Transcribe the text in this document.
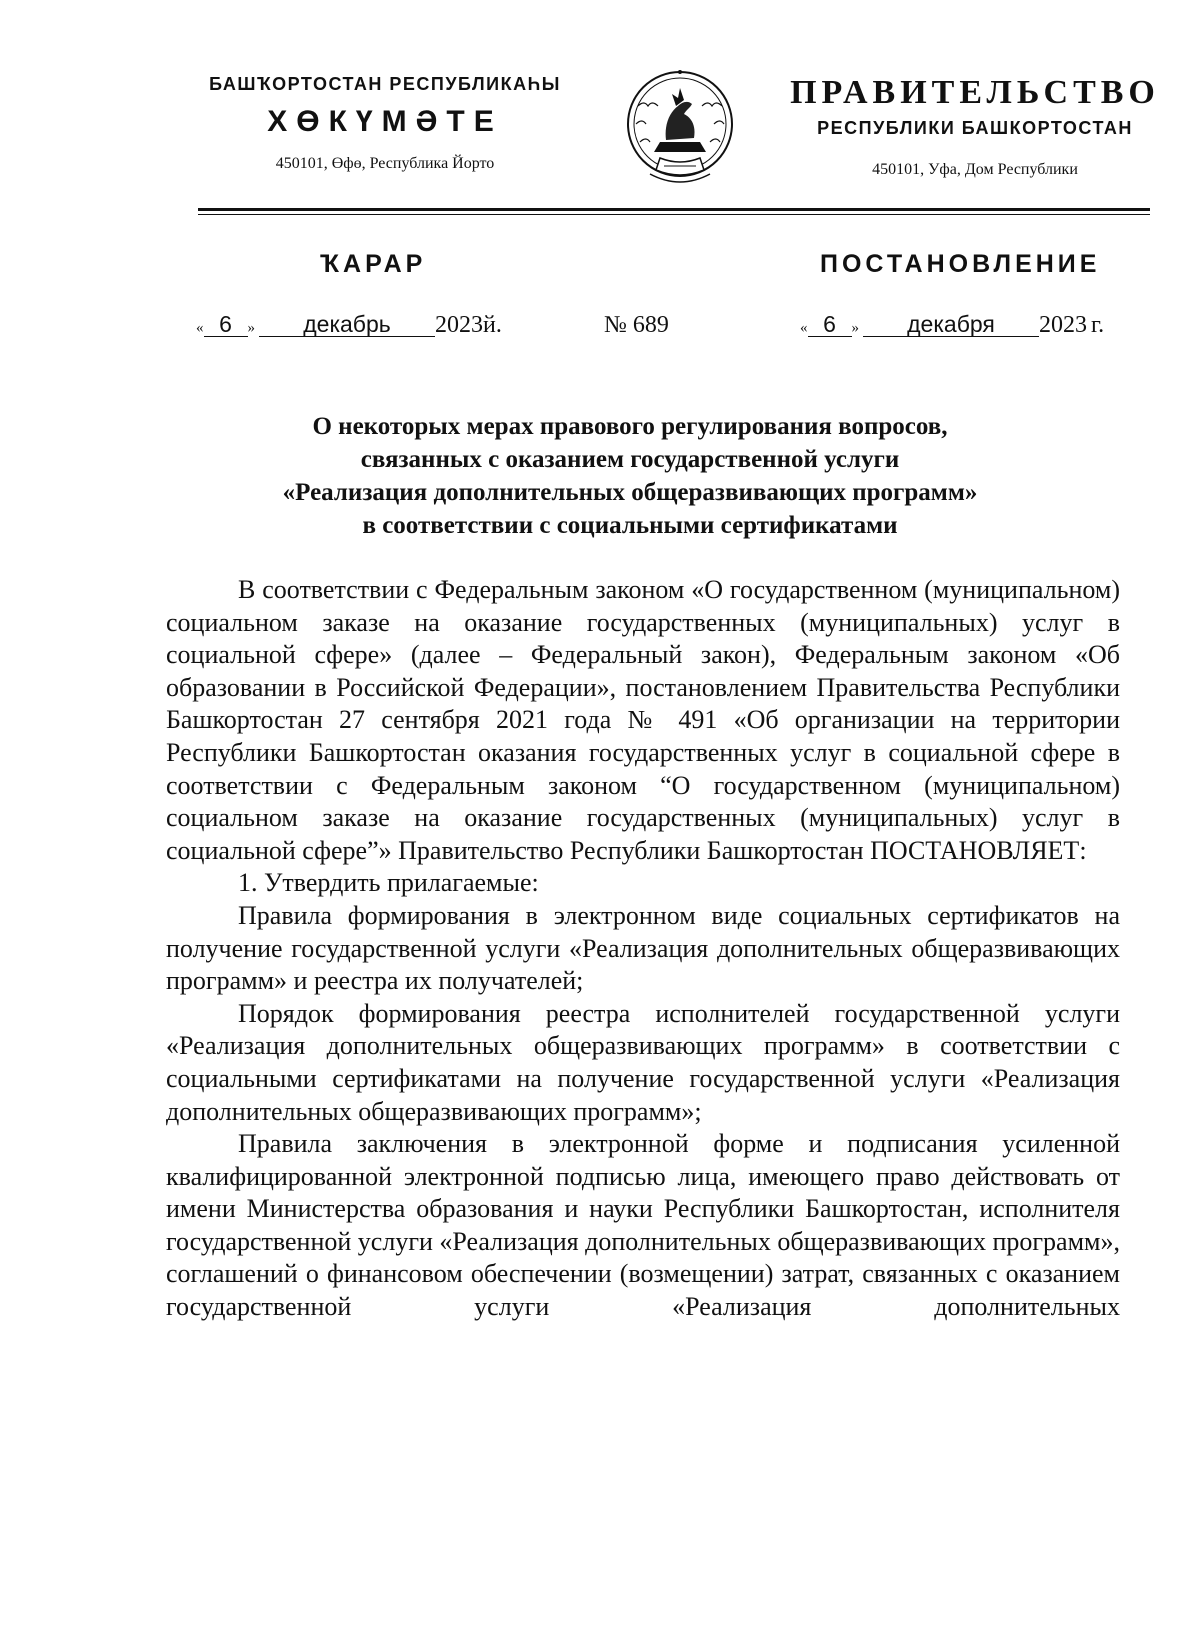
БАШҠОРТОСТАН РЕСПУБЛИКАҺЫ
ХӨКҮМӘТЕ
450101, Өфө, Республика Йорто
ПРАВИТЕЛЬСТВО
РЕСПУБЛИКИ БАШКОРТОСТАН
450101, Уфа, Дом Республики
ҠАРАР	ПОСТАНОВЛЕНИЕ
« 6 » декабрь 2023й.	№ 689	« 6 » декабря 2023 г.
О некоторых мерах правового регулирования вопросов,
связанных с оказанием государственной услуги
«Реализация дополнительных общеразвивающих программ»
в соответствии с социальными сертификатами

В соответствии с Федеральным законом «О государственном (муниципальном) социальном заказе на оказание государственных (муниципальных) услуг в социальной сфере» (далее – Федеральный закон), Федеральным законом «Об образовании в Российской Федерации», постановлением Правительства Республики Башкортостан 27 сентября 2021 года № 491 «Об организации на территории Республики Башкортостан оказания государственных услуг в социальной сфере в соответствии с Федеральным законом “О государственном (муниципальном) социальном заказе на оказание государственных (муниципальных) услуг в социальной сфере”» Правительство Республики Башкортостан ПОСТАНОВЛЯЕТ:

1. Утвердить прилагаемые:

Правила формирования в электронном виде социальных сертификатов на получение государственной услуги «Реализация дополнительных общеразвивающих программ» и реестра их получателей;

Порядок формирования реестра исполнителей государственной услуги «Реализация дополнительных общеразвивающих программ» в соответствии с социальными сертификатами на получение государственной услуги «Реализация дополнительных общеразвивающих программ»;

Правила заключения в электронной форме и подписания усиленной квалифицированной электронной подписью лица, имеющего право действовать от имени Министерства образования и науки Республики Башкортостан, исполнителя государственной услуги «Реализация дополнительных общеразвивающих программ», соглашений о финансовом обеспечении (возмещении) затрат, связанных с оказанием государственной услуги «Реализация дополнительных
